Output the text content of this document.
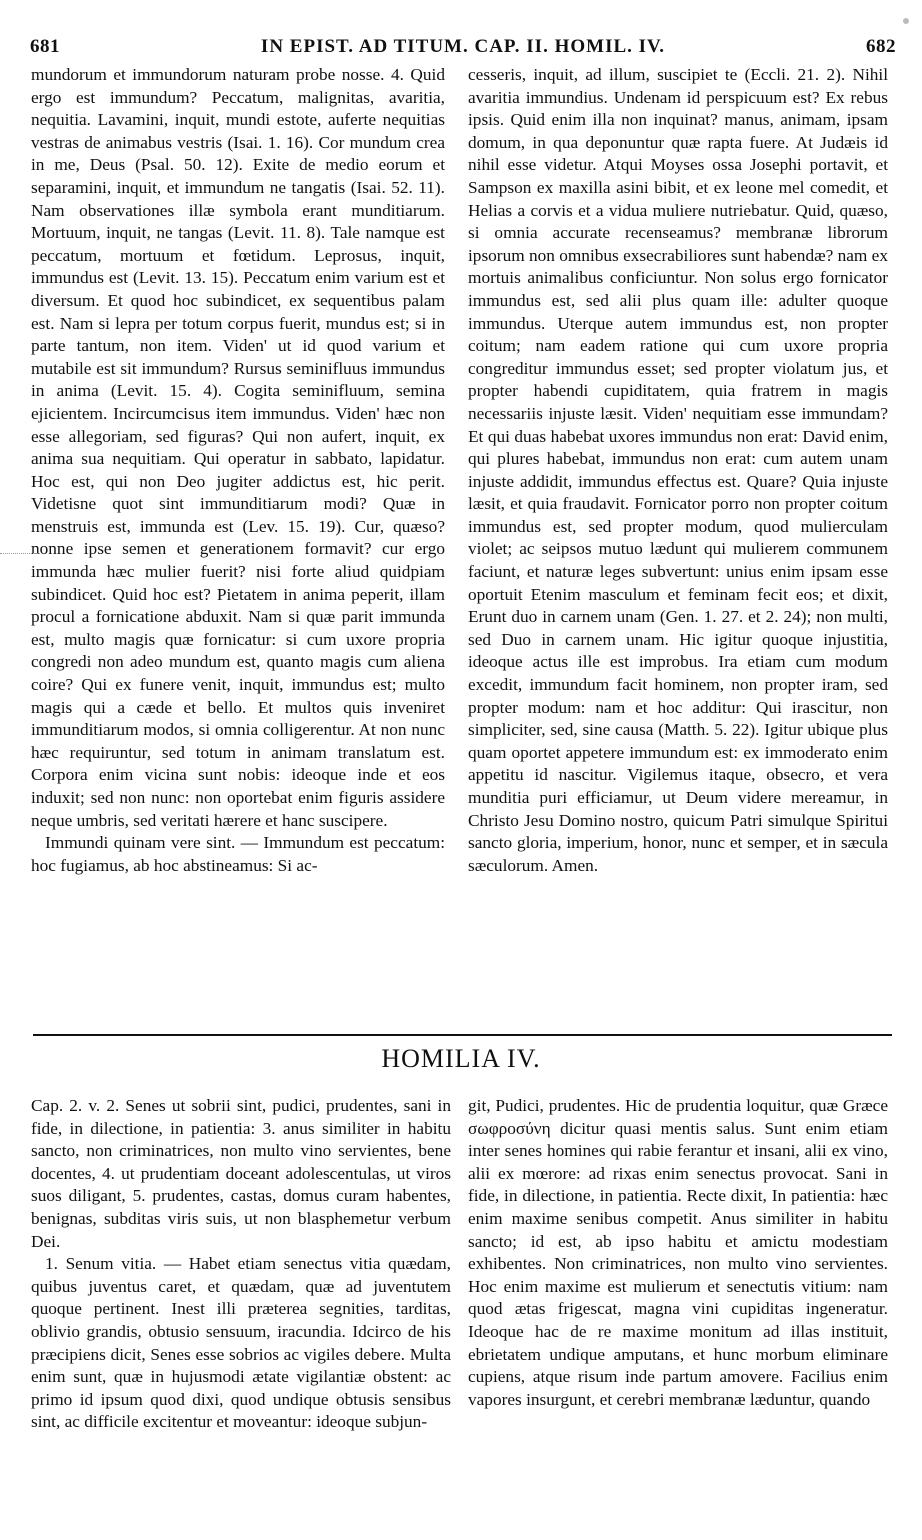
681	IN EPIST. AD TITUM. CAP. II. HOMIL. IV.	682

mundorum et immundorum naturam probe nosse. 4. Quid ergo est immundum? Peccatum, malignitas, avaritia, nequitia. Lavamini, inquit, mundi estote, auferte nequitias vestras de animabus vestris (Isai. 1. 16). Cor mundum crea in me, Deus (Psal. 50. 12). Exite de medio eorum et separamini, inquit, et immundum ne tangatis (Isai. 52. 11). Nam observationes illæ symbola erant munditiarum. Mortuum, inquit, ne tangas (Levit. 11. 8). Tale namque est peccatum, mortuum et fœtidum. Leprosus, inquit, immundus est (Levit. 13. 15). Peccatum enim varium est et diversum. Et quod hoc subindicet, ex sequentibus palam est. Nam si lepra per totum corpus fuerit, mundus est; si in parte tantum, non item. Viden' ut id quod varium et mutabile est sit immundum? Rursus seminifluus immundus in anima (Levit. 15. 4). Cogita seminifluum, semina ejicientem. Incircumcisus item immundus. Viden' hæc non esse allegoriam, sed figuras? Qui non aufert, inquit, ex anima sua nequitiam. Qui operatur in sabbato, lapidatur. Hoc est, qui non Deo jugiter addictus est, hic perit. Videtisne quot sint immunditiarum modi? Quæ in menstruis est, immunda est (Lev. 15. 19). Cur, quæso? nonne ipse semen et generationem formavit? cur ergo immunda hæc mulier fuerit? nisi forte aliud quidpiam subindicet. Quid hoc est? Pietatem in anima peperit, illam procul a fornicatione abduxit. Nam si quæ parit immunda est, multo magis quæ fornicatur: si cum uxore propria congredi non adeo mundum est, quanto magis cum aliena coire? Qui ex funere venit, inquit, immundus est; multo magis qui a cæde et bello. Et multos quis inveniret immunditiarum modos, si omnia colligerentur. At non nunc hæc requiruntur, sed totum in animam translatum est. Corpora enim vicina sunt nobis: ideoque inde et eos induxit; sed non nunc: non oportebat enim figuris assidere neque umbris, sed veritati hærere et hanc suscipere.

Immundi quinam vere sint. — Immundum est peccatum: hoc fugiamus, ab hoc abstineamus: Si ac-

cesseris, inquit, ad illum, suscipiet te (Eccli. 21. 2). Nihil avaritia immundius. Undenam id perspicuum est? Ex rebus ipsis. Quid enim illa non inquinat? manus, animam, ipsam domum, in qua deponuntur quæ rapta fuere. At Judæis id nihil esse videtur. Atqui Moyses ossa Josephi portavit, et Sampson ex maxilla asini bibit, et ex leone mel comedit, et Helias a corvis et a vidua muliere nutriebatur. Quid, quæso, si omnia accurate recenseamus? membranæ librorum ipsorum non omnibus exsecrabiliores sunt habendæ? nam ex mortuis animalibus conficiuntur. Non solus ergo fornicator immundus est, sed alii plus quam ille: adulter quoque immundus. Uterque autem immundus est, non propter coitum; nam eadem ratione qui cum uxore propria congreditur immundus esset; sed propter violatum jus, et propter habendi cupiditatem, quia fratrem in magis necessariis injuste læsit. Viden' nequitiam esse immundam? Et qui duas habebat uxores immundus non erat: David enim, qui plures habebat, immundus non erat: cum autem unam injuste addidit, immundus effectus est. Quare? Quia injuste læsit, et quia fraudavit. Fornicator porro non propter coitum immundus est, sed propter modum, quod mulierculam violet; ac seipsos mutuo lædunt qui mulierem communem faciunt, et naturæ leges subvertunt: unius enim ipsam esse oportuit Etenim masculum et feminam fecit eos; et dixit, Erunt duo in carnem unam (Gen. 1. 27. et 2. 24); non multi, sed Duo in carnem unam. Hic igitur quoque injustitia, ideoque actus ille est improbus. Ira etiam cum modum excedit, immundum facit hominem, non propter iram, sed propter modum: nam et hoc additur: Qui irascitur, non simpliciter, sed, sine causa (Matth. 5. 22). Igitur ubique plus quam oportet appetere immundum est: ex immoderato enim appetitu id nascitur. Vigilemus itaque, obsecro, et vera munditia puri efficiamur, ut Deum videre mereamur, in Christo Jesu Domino nostro, quicum Patri simulque Spiritui sancto gloria, imperium, honor, nunc et semper, et in sæcula sæculorum. Amen.

HOMILIA IV.

Cap. 2. v. 2. Senes ut sobrii sint, pudici, prudentes, sani in fide, in dilectione, in patientia: 3. anus similiter in habitu sancto, non criminatrices, non multo vino servientes, bene docentes, 4. ut prudentiam doceant adolescentulas, ut viros suos diligant, 5. prudentes, castas, domus curam habentes, benignas, subditas viris suis, ut non blasphemetur verbum Dei.

1. Senum vitia. — Habet etiam senectus vitia quædam, quibus juventus caret, et quædam, quæ ad juventutem quoque pertinent. Inest illi præterea segnities, tarditas, oblivio grandis, obtusio sensuum, iracundia. Idcirco de his præcipiens dicit, Senes esse sobrios ac vigiles debere. Multa enim sunt, quæ in hujusmodi ætate vigilantiæ obstent: ac primo id ipsum quod dixi, quod undique obtusis sensibus sint, ac difficile excitentur et moveantur: ideoque subjun-

git, Pudici, prudentes. Hic de prudentia loquitur, quæ Græce σωφροσύνη dicitur quasi mentis salus. Sunt enim etiam inter senes homines qui rabie ferantur et insani, alii ex vino, alii ex mœrore: ad rixas enim senectus provocat. Sani in fide, in dilectione, in patientia. Recte dixit, In patientia: hæc enim maxime senibus competit. Anus similiter in habitu sancto; id est, ab ipso habitu et amictu modestiam exhibentes. Non criminatrices, non multo vino servientes. Hoc enim maxime est mulierum et senectutis vitium: nam quod ætas frigescat, magna vini cupiditas ingeneratur. Ideoque hac de re maxime monitum ad illas instituit, ebrietatem undique amputans, et hunc morbum eliminare cupiens, atque risum inde partum amovere. Facilius enim vapores insurgunt, et cerebri membranæ læduntur, quando
